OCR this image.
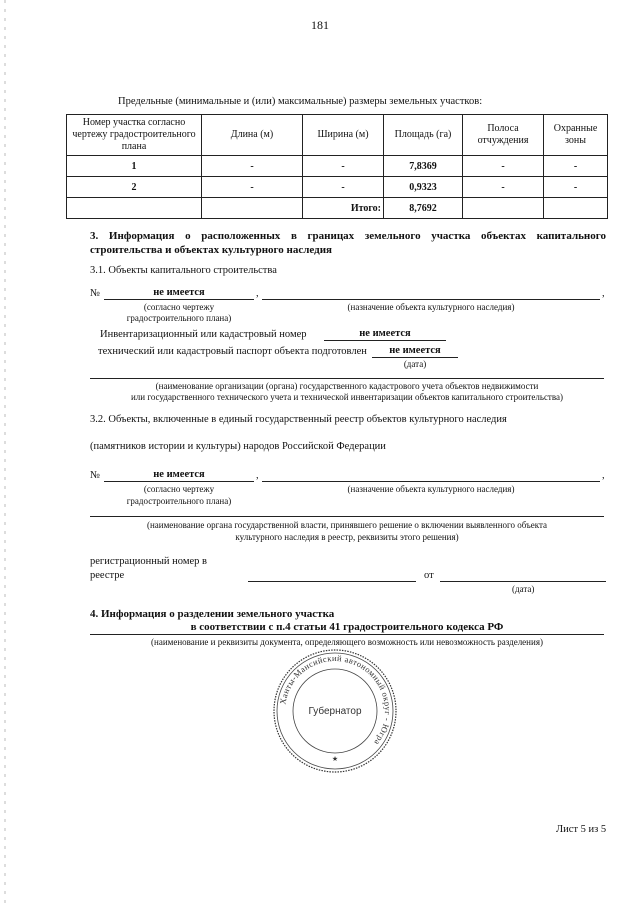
181
Предельные (минимальные и (или) максимальные) размеры земельных участков:
Номер участка согласно чертежу градостроительного плана	Длина (м)	Ширина (м)	Площадь (га)	Полоса отчуждения	Охранные зоны
1	-	-	7,8369	-	-
2	-	-	0,9323	-	-
		Итого:	8,7692		
3. Информация о расположенных в границах земельного участка объектах капитального строительства и объектах культурного наследия
3.1. Объекты капитального строительства
№	не имеется	,	,
(согласно чертежу
градостроительного плана)
(назначение объекта культурного наследия)
Инвентаризационный или кадастровый номер	не имеется
технический или кадастровый паспорт объекта подготовлен	не имеется
(дата)
(наименование организации (органа) государственного кадастрового учета объектов недвижимости
или государственного технического учета и технической инвентаризации объектов капитального строительства)
3.2. Объекты, включенные в единый государственный реестр объектов культурного наследия
(памятников истории и культуры) народов Российской Федерации
№	не имеется	,	,
(согласно чертежу
градостроительного плана)
(назначение объекта культурного наследия)
(наименование органа государственной власти, принявшего решение о включении выявленного объекта
культурного наследия в реестр, реквизиты этого решения)
регистрационный номер в
реестре	от
(дата)
4. Информация о разделении земельного участка
в соответствии с п.4 статьи 41 градостроительного кодекса РФ
(наименование и реквизиты документа, определяющего возможность или невозможность разделения)
Ханты-Мансийский автономный округ - Югра
Губернатор
★
Лист 5 из 5
